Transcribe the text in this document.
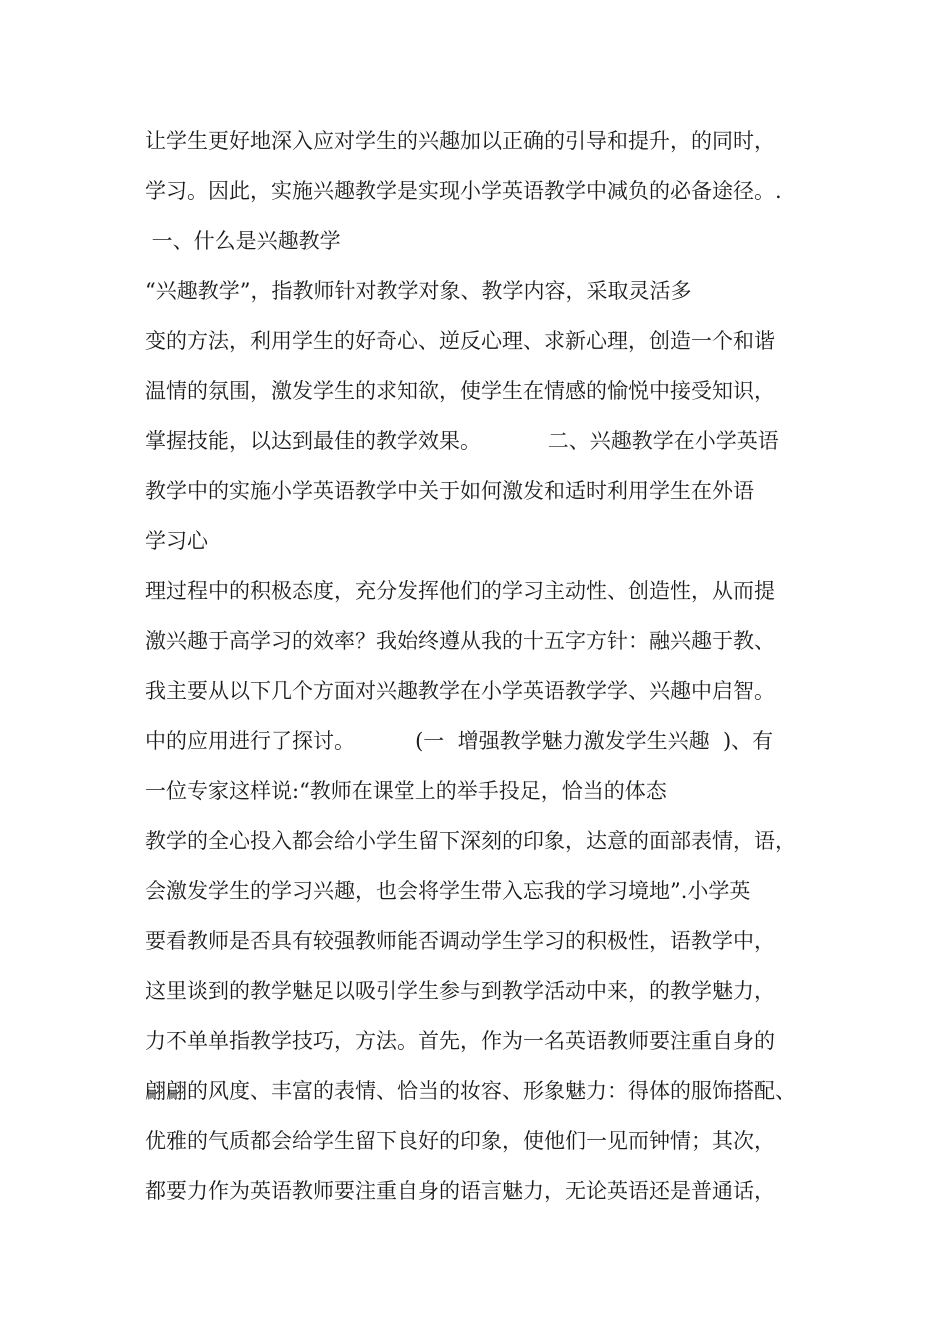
让学生更好地深入应对学生的兴趣加以正确的引导和提升，的同时，
学习。因此，实施兴趣教学是实现小学英语教学中减负的必备途径。.
一、什么是兴趣教学
“兴趣教学”，指教师针对教学对象、教学内容，采取灵活多
变的方法，利用学生的好奇心、逆反心理、求新心理，创造一个和谐
温情的氛围，激发学生的求知欲，使学生在情感的愉悦中接受知识，
掌握技能，以达到最佳的教学效果。          二、兴趣教学在小学英语
教学中的实施小学英语教学中关于如何激发和适时利用学生在外语
学习心
理过程中的积极态度，充分发挥他们的学习主动性、创造性，从而提
激兴趣于高学习的效率？我始终遵从我的十五字方针：融兴趣于教、
我主要从以下几个方面对兴趣教学在小学英语教学学、兴趣中启智。
中的应用进行了探讨。         (一  增强教学魅力激发学生兴趣  )、有
一位专家这样说:“教师在课堂上的举手投足，恰当的体态
教学的全心投入都会给小学生留下深刻的印象，达意的面部表情，语，
会激发学生的学习兴趣，也会将学生带入忘我的学习境地”.小学英
要看教师是否具有较强教师能否调动学生学习的积极性，语教学中，
这里谈到的教学魅足以吸引学生参与到教学活动中来，的教学魅力，
力不单单指教学技巧，方法。首先，作为一名英语教师要注重自身的
翩翩的风度、丰富的表情、恰当的妆容、形象魅力：得体的服饰搭配、
优雅的气质都会给学生留下良好的印象，使他们一见而钟情；其次，
都要力作为英语教师要注重自身的语言魅力，无论英语还是普通话，
